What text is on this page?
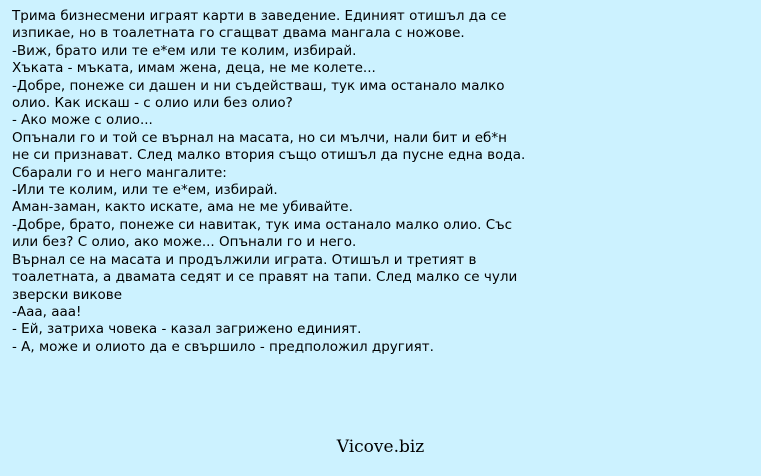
Трима бизнесмени играят карти в заведение. Единият отишъл да се
изпикае, но в тоалетната го сгащват двама мангала с ножове.
-Виж, брато или те е*ем или те колим, избирай.
Хъката - мъката, имам жена, деца, не ме колете...
-Добре, понеже си дашен и ни съдействаш, тук има останало малко
олио. Как искаш - с олио или без олио?
- Ако може с олио...
Опънали го и той се върнал на масата, но си мълчи, нали бит и еб*н
не си признават. След малко втория също отишъл да пусне една вода.
Сбарали го и него мангалите:
-Или те колим, или те е*ем, избирай.
Аман-заман, както искате, ама не ме убивайте.
-Добре, брато, понеже си навитак, тук има останало малко олио. Със
или без? С олио, ако може... Опънали го и него.
Върнал се на масата и продължили играта. Отишъл и третият в
тоалетната, а двамата седят и се правят на тапи. След малко се чули
зверски викове
-Ааа, ааа!
- Ей, затриха човека - казал загрижено единият.
- А, може и олиото да е свършило - предположил другият.
Vicove.biz
